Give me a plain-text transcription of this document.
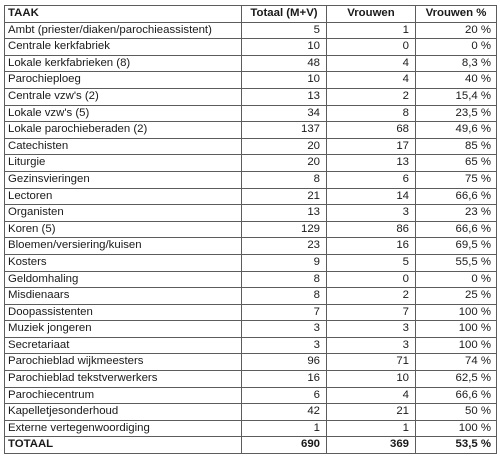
TAAK	Totaal (M+V)	Vrouwen	Vrouwen %
Ambt (priester/diaken/parochieassistent)	5	1	20 %
Centrale kerkfabriek	10	0	0 %
Lokale kerkfabrieken (8)	48	4	8,3 %
Parochieploeg	10	4	40 %
Centrale vzw's (2)	13	2	15,4 %
Lokale vzw's (5)	34	8	23,5 %
Lokale parochieberaden (2)	137	68	49,6 %
Catechisten	20	17	85 %
Liturgie	20	13	65 %
Gezinsvieringen	8	6	75 %
Lectoren	21	14	66,6 %
Organisten	13	3	23 %
Koren (5)	129	86	66,6 %
Bloemen/versiering/kuisen	23	16	69,5 %
Kosters	9	5	55,5 %
Geldomhaling	8	0	0 %
Misdienaars	8	2	25 %
Doopassistenten	7	7	100 %
Muziek jongeren	3	3	100 %
Secretariaat	3	3	100 %
Parochieblad wijkmeesters	96	71	74 %
Parochieblad tekstverwerkers	16	10	62,5 %
Parochiecentrum	6	4	66,6 %
Kapelletjesonderhoud	42	21	50 %
Externe vertegenwoordiging	1	1	100 %
TOTAAL	690	369	53,5 %
